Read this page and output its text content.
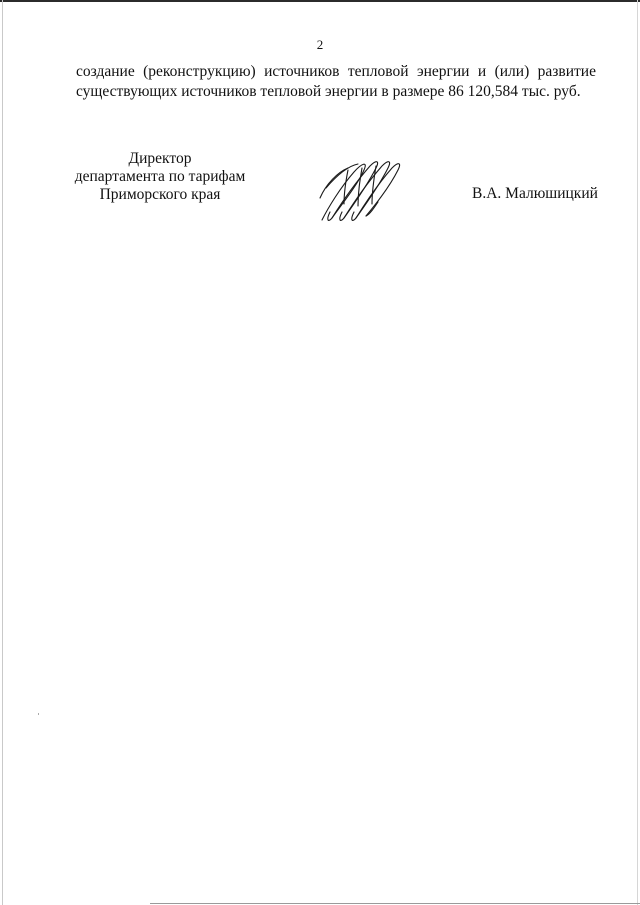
2
создание (реконструкцию) источников тепловой энергии и (или) развитие
существующих источников тепловой энергии в размере 86 120,584 тыс. руб.
Директор
департамента по тарифам
Приморского края	В.А. Малюшицкий
